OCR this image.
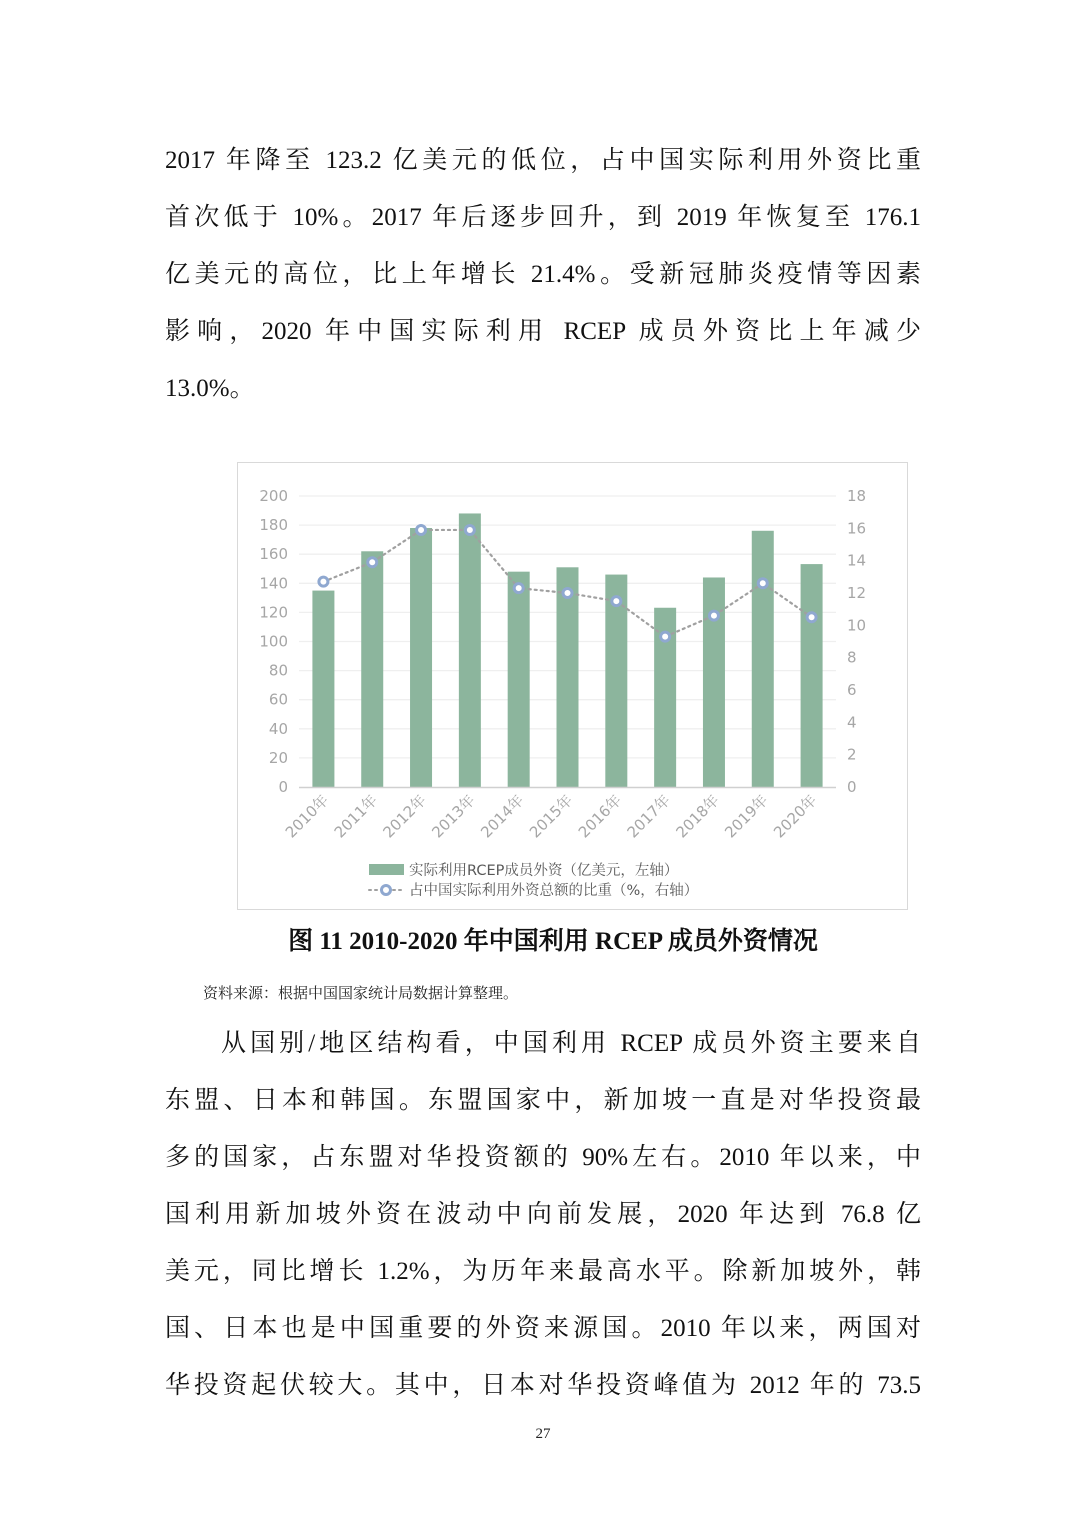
2017 年降至 123.2 亿美元的低位，占中国实际利用外资比重
首次低于 10%。2017 年后逐步回升，到 2019 年恢复至 176.1
亿美元的高位，比上年增长 21.4%。受新冠肺炎疫情等因素
影响，2020 年中国实际利用 RCEP 成员外资比上年减少
13.0%。
0
20
40
60
80
100
120
140
160
180
200
0
2
4
6
8
10
12
14
16
18
2010年
2011年
2012年
2013年
2014年
2015年
2016年
2017年
2018年
2019年
2020年
实际利用RCEP成员外资（亿美元，左轴）
占中国实际利用外资总额的比重（%，右轴）
图 11 2010-2020 年中国利用 RCEP 成员外资情况
资料来源：根据中国国家统计局数据计算整理。
从国别/地区结构看，中国利用 RCEP 成员外资主要来自
东盟、日本和韩国。东盟国家中，新加坡一直是对华投资最
多的国家，占东盟对华投资额的 90%左右。2010 年以来，中
国利用新加坡外资在波动中向前发展，2020 年达到 76.8 亿
美元，同比增长 1.2%，为历年来最高水平。除新加坡外，韩
国、日本也是中国重要的外资来源国。2010 年以来，两国对
华投资起伏较大。其中，日本对华投资峰值为 2012 年的 73.5
27
